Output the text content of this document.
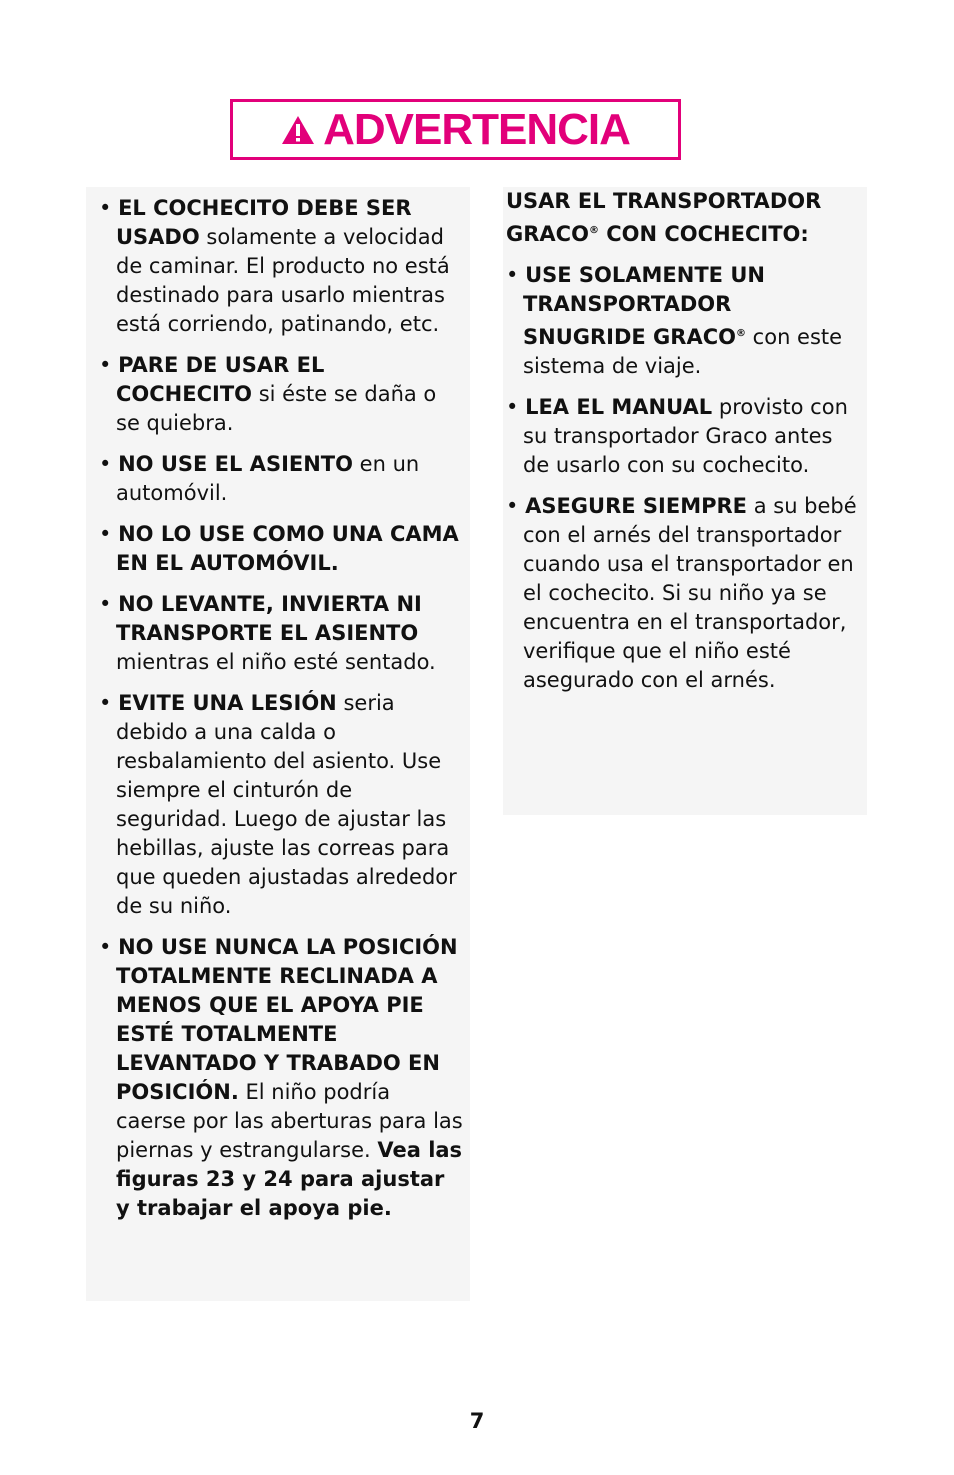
ADVERTENCIA

• EL COCHECITO DEBE SER USADO solamente a velocidad de caminar. El producto no está destinado para usarlo mientras está corriendo, patinando, etc.

• PARE DE USAR EL COCHECITO si éste se daña o se quiebra.

• NO USE EL ASIENTO en un automóvil.

• NO LO USE COMO UNA CAMA EN EL AUTOMÓVIL.

• NO LEVANTE, INVIERTA NI TRANSPORTE EL ASIENTO mientras el niño esté sentado.

• EVITE UNA LESIÓN seria debido a una calda o resbalamiento del asiento. Use siempre el cinturón de seguridad. Luego de ajustar las hebillas, ajuste las correas para que queden ajustadas alrededor de su niño.

• NO USE NUNCA LA POSICIÓN TOTALMENTE RECLINADA A MENOS QUE EL APOYA PIE ESTÉ TOTALMENTE LEVANTADO Y TRABADO EN POSICIÓN. El niño podría caerse por las aberturas para las piernas y estrangularse. Vea las figuras 23 y 24 para ajustar y trabajar el apoya pie.

USAR EL TRANSPORTADOR GRACO® CON COCHECITO:

• USE SOLAMENTE UN TRANSPORTADOR SNUGRIDE GRACO® con este sistema de viaje.

• LEA EL MANUAL provisto con su transportador Graco antes de usarlo con su cochecito.

• ASEGURE SIEMPRE a su bebé con el arnés del transportador cuando usa el transportador en el cochecito. Si su niño ya se encuentra en el transportador, verifique que el niño esté asegurado con el arnés.

7
